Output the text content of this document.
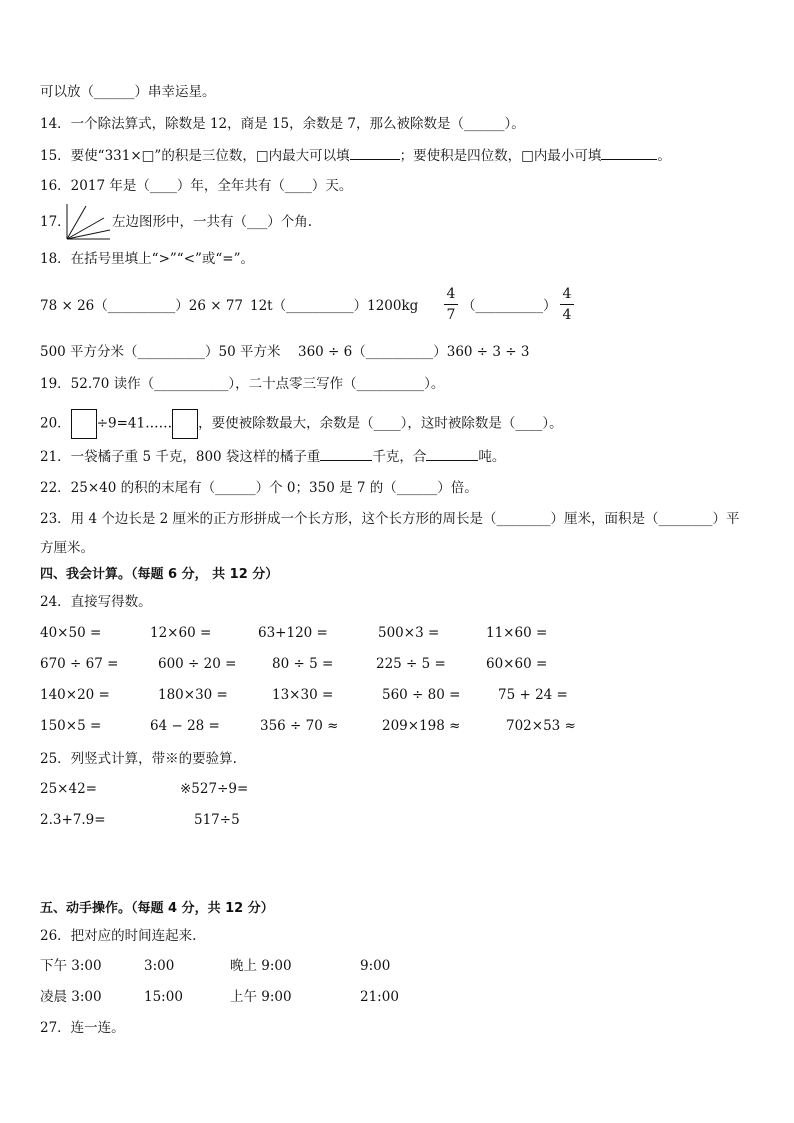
可以放（______）串幸运星。
14．一个除法算式，除数是 12，商是 15，余数是 7，那么被除数是（______）。
15．要使“331×□”的积是三位数，□内最大可以填	；要使积是四位数，□内最小可填	。
16．2017 年是（____）年，全年共有（____）天。
17．	左边图形中，一共有（___）个角.
18．在括号里填上“>”“<”或“=”。
78 × 26（__________）26 × 77 12t（__________）1200kg
4
7
（__________）
4
4
500 平方分米（__________）50 平方米 360 ÷ 6（__________）360 ÷ 3 ÷ 3
19．52.70 读作（___________），二十点零三写作（__________）。
20． ÷9=41…… ，要使被除数最大，余数是（____），这时被除数是（____）。
21．一袋橘子重 5 千克，800 袋这样的橘子重	千克，合	吨。
22．25×40 的积的末尾有（______）个 0；350 是 7 的（______）倍。
23．用 4 个边长是 2 厘米的正方形拼成一个长方形，这个长方形的周长是（________）厘米，面积是（________）平
方厘米。
四、我会计算。（每题 6 分， 共 12 分）
24．直接写得数。
40×50 =	12×60 =	63+120 =	500×3 =	11×60 =
670 ÷ 67 =	600 ÷ 20 =	80 ÷ 5 =	225 ÷ 5 =	60×60 =
140×20 =	180×30 =	13×30 =	560 ÷ 80 =	75 + 24 =
150×5 =	64 − 28 =	356 ÷ 70 ≈	209×198 ≈	702×53 ≈
25．列竖式计算，带※的要验算.
25×42=	※527÷9=
2.3+7.9=	517÷5
五、动手操作。（每题 4 分，共 12 分）
26．把对应的时间连起来.
下午 3:00	3:00	晚上 9:00	9:00
凌晨 3:00	15:00	上午 9:00	21:00
27．连一连。
